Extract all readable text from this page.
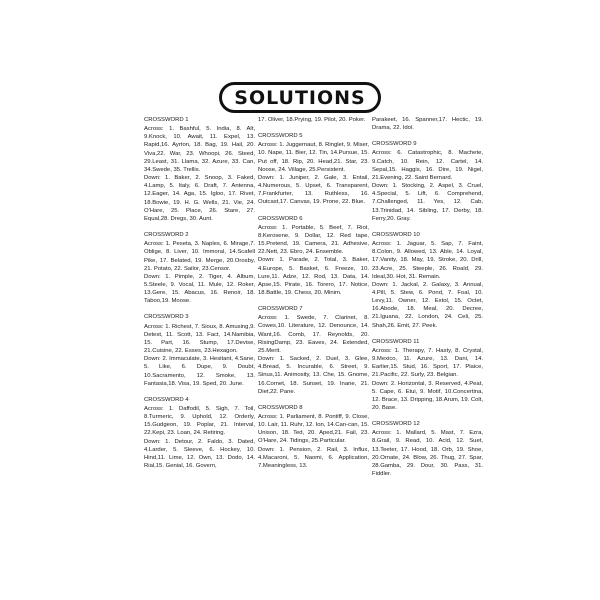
SOLUTIONS
CROSSWORD 1

Across: 1. Bashful, 5. India, 8. Alt, 9.Knock, 10. Await, 11. Expel, 13. Rapid,16. Ayrton, 18. Bag, 19. Hail, 20. Viva,22. War, 23. Whoopi, 26. Steed, 29.Least, 31. Llama, 32. Azure, 33. Can, 34.Swede, 35. Trellis.

Down: 1. Baker, 2. Snoop, 3. Faked, 4.Lamp, 5. Italy, 6. Draft, 7. Antenna, 12.Eager, 14. Aga, 15. Igloo, 17. Rivet, 18.Bowie, 19. H. G. Wells, 21. Vie, 24. O'Hare, 25. Place, 26. Stare, 27. Equal,28. Dregs, 30. Aunt.

CROSSWORD 2

Across: 1. Peseta, 3. Naples, 6. Mirage,7. Oblige, 8. Liver, 10. Immoral, 14.Scafell Pike, 17. Belated, 19. Merge, 20.Orosby, 21. Potato, 22. Sailor, 23.Censor.

Down: 1. Pimple, 2. Tiger, 4. Album, 5.Steele, 9. Vocal, 11. Mule, 12. Roker, 13.Gere, 15. Abacus, 16. Renoir, 18. Taboo,19. Moose.

CROSSWORD 3

Across: 1. Richest, 7. Sioux, 8. Amusing,9. Detest, 11. Scott, 13. Fact, 14.Namibia, 15. Part, 16. Stump, 17.Devise, 21.Cuisine, 22. Esses, 23.Hexagon.

Down: 2. Immaculate, 3. Hesitant, 4.Sane, 5. Like, 6. Dupe, 9. Doubt, 10.Sacramento, 12. Smoke, 13. Fantasia,18. Visa, 19. Sped, 20. June.

CROSSWORD 4

Across: 1. Daffodil, 5. Sigh, 7. Toil, 8.Turmeric, 9. Uphold, 12. Orderly, 15.Gudgeon, 19. Poplar, 21. Interval, 22.Kepi, 23. Loan, 24. Retiring.

Down: 1. Detour, 2. Faldo, 3. Dated, 4.Larder, 5. Sleeve, 6. Hockey, 10. Hind,11. Lime, 12. Own, 13. Dodo, 14. Rial,15. Genial, 16. Govern,

17. Oliver, 18.Prying, 19. Pilot, 20. Poker.

CROSSWORD 5

Across: 1. Juggernaut, 8. Ringlet, 9. Miser, 10. Nape, 11. Bier, 12. Tin, 14.Pursue, 15. Put off, 18. Rip, 20. Head,21. Star, 23. Noose, 24. Village, 25.Persistent.

Down: 1. Juniper, 2. Gale, 3. Entail, 4.Numerous, 5. Upset, 6. Transparent, 7.Frankfurter, 13. Ruthless, 16. Outcast,17. Canvas, 19. Prone, 22. Blue.

CROSSWORD 6

Across: 1. Portable, 5. Beef, 7. Riot, 8.Kerosene, 9. Dollar, 12. Red tape, 15.Pretend, 19. Camera, 21. Adhesive, 22.Nett, 23. Ebro, 24. Ensemble.

Down: 1. Parade, 2. Total, 3. Baker, 4.Europe, 5. Basket, 6. Freeze, 10. Lure,11. Adze, 12. Rod, 13. Data, 14. Apse,15. Pirate, 16. Torero, 17. Notice, 18.Battle, 19. Chess, 20. Minim.

CROSSWORD 7

Across: 1. Swede, 7. Clarinet, 8. Cowes,10. Literature, 12. Denounce, 14. Want,16. Comb, 17. Reynolds, 20. RisingDamp, 23. Eaves, 24. Extended, 25.Merit.

Down: 1. Sacked, 2. Duel, 3. Glee, 4.Bread, 5. Incurable, 6. Street, 9. Sinus,11. Animosity, 13. Che, 15. Gnome, 16.Cornet, 18. Sunset, 19. Inane, 21. Diet,22. Pane.

CROSSWORD 8

Across: 1. Parliament, 8. Pontiff, 9. Close, 10. Lair, 11. Ruhr, 12. Ion, 14.Can-can, 15. Unison, 18. Ted, 20. Aped,21. Fail, 23. O'Hare, 24. Tidings, 25.Particular.

Down: 1. Pension, 2. Rail, 3. Influx, 4.Macaroni, 5. Naomi, 6. Application, 7.Meaningless, 13.

Parakeet, 16. Spanner,17. Hectic, 19. Drama, 22. Idol.

CROSSWORD 9

Across: 6. Catastrophic, 8. Machete, 9.Catch, 10. Rein, 12. Cartel, 14. Sepal,15. Haggis, 16. Dire, 19. Nigel, 21.Evening, 22. Saint Bernard.

Down: 1. Stocking, 2. Aspel, 3. Cruel, 4.Special, 5. Lift, 6. Comprehend, 7.Challenged, 11. Yes, 12. Cab, 13.Trinidad, 14. Sibling, 17. Derby, 18. Ferry,20. Gray.

CROSSWORD 10

Across: 1. Jaguar, 5. Sap, 7. Faint, 8.Colon, 9. Allowed, 13. Able, 14. Loyal, 17.Vanity, 18. May, 19. Stroke, 20. Drill, 23.Acre, 25. Steeple, 26. Roald, 29. Ideal,30. Hot, 31. Remain.

Down: 1. Jackal, 2. Galaxy, 3. Annual, 4.Pill, 5. Stew, 6. Pond, 7. Foal, 10. Levy,11. Owner, 12. Extol, 15. Octet, 16.Abode, 18. Meal, 20. Decree, 21.Iguana, 22. London, 24. Celi, 25. Shah,26. Emit, 27. Peek.

CROSSWORD 11

Across: 1. Therapy, 7. Hasty, 8. Crystal, 9.Mexico, 11. Azure, 13. Dani, 14. Earlier,15. Stud, 16. Sport, 17. Plaice, 21.Pacific, 22. Surly, 23. Belgian.

Down: 2. Horizontal, 3. Reserved, 4.Peat, 5. Cape, 6. Etui, 9. Motif, 10.Concertina, 12. Brace, 13. Dripping, 18.Arum, 19. Colt, 20. Base.

CROSSWORD 12

Across: 1. Mallard, 5. Mast, 7. Ezra, 8.Grail, 9. Read, 10. Acid, 12. Suet, 13.Teeter, 17. Hood, 18. Orb, 19. Shoe, 20.Ornate, 24. Blow, 26. Thug, 27. Spar, 28.Gamba, 29. Dour, 30. Pass, 31. Fiddler.
